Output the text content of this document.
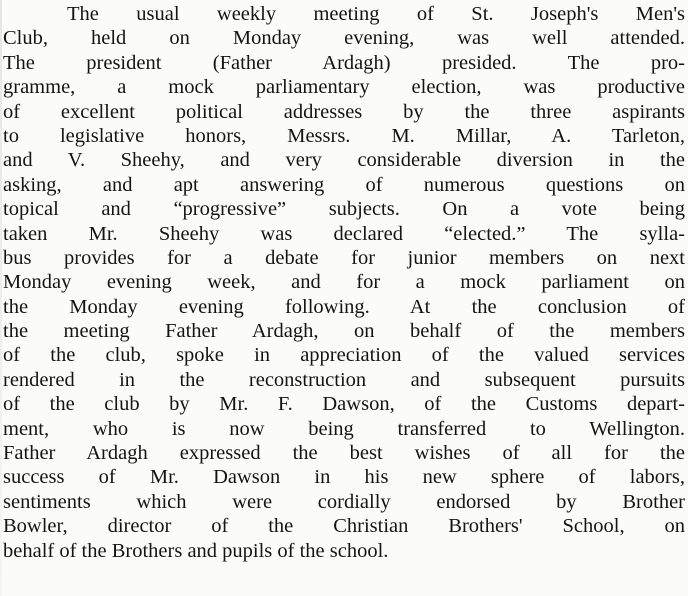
The usual weekly meeting of St. Joseph's Men's
Club, held on Monday evening, was well attended.
The president (Father Ardagh) presided. The pro-
gramme, a mock parliamentary election, was productive
of excellent political addresses by the three aspirants
to legislative honors, Messrs. M. Millar, A. Tarleton,
and V. Sheehy, and very considerable diversion in the
asking, and apt answering of numerous questions on
topical and “progressive” subjects. On a vote being
taken Mr. Sheehy was declared “elected.” The sylla-
bus provides for a debate for junior members on next
Monday evening week, and for a mock parliament on
the Monday evening following. At the conclusion of
the meeting Father Ardagh, on behalf of the members
of the club, spoke in appreciation of the valued services
rendered in the reconstruction and subsequent pursuits
of the club by Mr. F. Dawson, of the Customs depart-
ment, who is now being transferred to Wellington.
Father Ardagh expressed the best wishes of all for the
success of Mr. Dawson in his new sphere of labors,
sentiments which were cordially endorsed by Brother
Bowler, director of the Christian Brothers' School, on
behalf of the Brothers and pupils of the school.
